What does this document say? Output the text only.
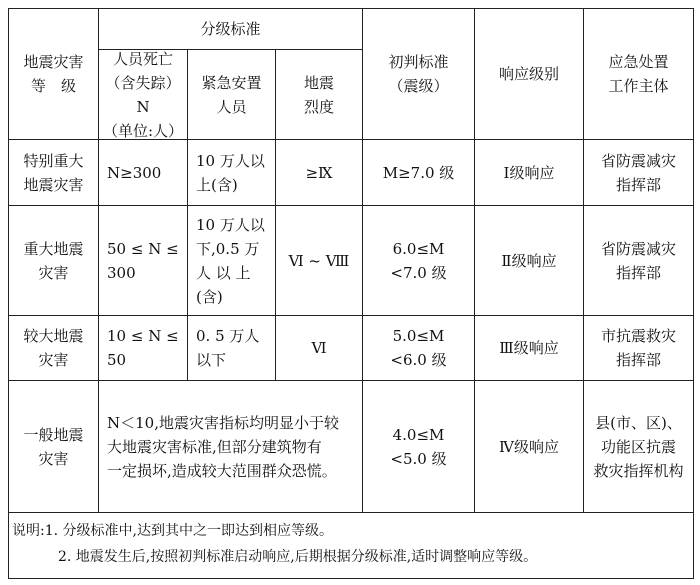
地震灾害
等　级
分级标准
人员死亡
（含失踪）N
（单位:人）
紧急安置
人员
地震
烈度
初判标准
（震级）
响应级别
应急处置
工作主体
特别重大
地震灾害
N≥300
10 万人以
上(含)
≥Ⅸ	M≥7.0 级	Ⅰ级响应
省防震减灾
指挥部
重大地震
灾害
50 ≤ N ≤
300
10 万人以
下,0.5 万
人 以 上
(含)
Ⅵ ~ Ⅷ
6.0≤M
<7.0 级
Ⅱ级响应
省防震减灾
指挥部
较大地震
灾害
10 ≤ N ≤
50
0. 5 万人
以下
Ⅵ
5.0≤M
<6.0 级
Ⅲ级响应
市抗震救灾
指挥部
一般地震
灾害
N＜10,地震灾害指标均明显小于较
大地震灾害标准,但部分建筑物有
一定损坏,造成较大范围群众恐慌。
4.0≤M
<5.0 级
Ⅳ级响应
县(市、区)、
功能区抗震
救灾指挥机构
说明:1. 分级标准中,达到其中之一即达到相应等级。
2. 地震发生后,按照初判标准启动响应,后期根据分级标准,适时调整响应等级。
